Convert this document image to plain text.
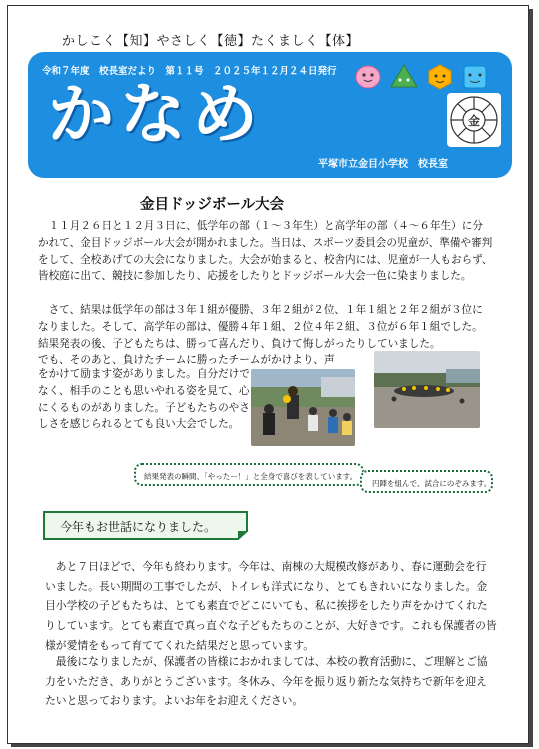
かしこく【知】やさしく【徳】たくましく【体】
令和７年度　校長室だより　第１１号　２０２５年１２月２４日発行
かなめ
平塚市立金目小学校　校長室
金
金目ドッジボール大会
　１１月２６日と１２月３日に、低学年の部（１～３年生）と高学年の部（４～６年生）に分かれて、金目ドッジボール大会が開かれました。当日は、スポーツ委員会の児童が、準備や審判をして、全校あげての大会になりました。大会が始まると、校舎内には、児童が一人もおらず、皆校庭に出て、競技に参加したり、応援をしたりとドッジボール大会一色に染まりました。
　さて、結果は低学年の部は３年１組が優勝、３年２組が２位、１年１組と２年２組が３位になりました。そして、高学年の部は、優勝４年１組、２位４年２組、３位が６年１組でした。結果発表の後、子どもたちは、勝って喜んだり、負けて悔しがったりしていました。
でも、そのあと、負けたチームに勝ったチームがかけより、声
をかけて励ます姿がありました。自分だけでなく、相手のことも思いやれる姿を見て、心にくるものがありました。子どもたちのやさしさを感じられるとても良い大会でした。
結果発表の瞬間、「やったー！」と全身で喜びを表しています。
円陣を組んで、試合にのぞみます。
今年もお世話になりました。
　あと７日ほどで、今年も終わります。今年は、南棟の大規模改修があり、春に運動会を行いました。長い期間の工事でしたが、トイレも洋式になり、とてもきれいになりました。金目小学校の子どもたちは、とても素直でどこにいても、私に挨拶をしたり声をかけてくれたりしています。とても素直で真っ直ぐな子どもたちのことが、大好きです。これも保護者の皆様が愛情をもって育ててくれた結果だと思っています。
　最後になりましたが、保護者の皆様におかれましては、本校の教育活動に、ご理解とご協力をいただき、ありがとうございます。冬休み、今年を振り返り新たな気持ちで新年を迎えたいと思っております。よいお年をお迎えください。
